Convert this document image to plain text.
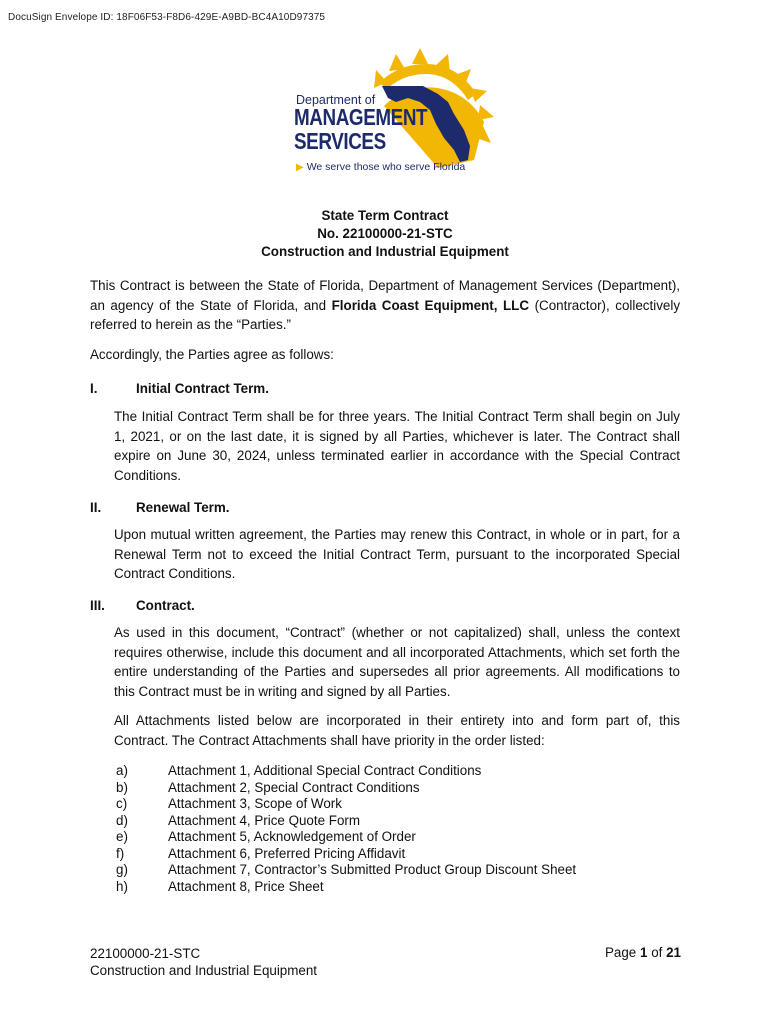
DocuSign Envelope ID: 18F06F53-F8D6-429E-A9BD-BC4A10D97375
Department of
MANAGEMENT
SERVICES
▶ We serve those who serve Florida
State Term Contract
No. 22100000-21-STC
Construction and Industrial Equipment
This Contract is between the State of Florida, Department of Management Services (Department), an agency of the State of Florida, and Florida Coast Equipment, LLC (Contractor), collectively referred to herein as the “Parties.”
Accordingly, the Parties agree as follows:
I.	Initial Contract Term.
The Initial Contract Term shall be for three years. The Initial Contract Term shall begin on July 1, 2021, or on the last date, it is signed by all Parties, whichever is later. The Contract shall expire on June 30, 2024, unless terminated earlier in accordance with the Special Contract Conditions.
II.	Renewal Term.
Upon mutual written agreement, the Parties may renew this Contract, in whole or in part, for a Renewal Term not to exceed the Initial Contract Term, pursuant to the incorporated Special Contract Conditions.
III. Contract.
As used in this document, “Contract” (whether or not capitalized) shall, unless the context requires otherwise, include this document and all incorporated Attachments, which set forth the entire understanding of the Parties and supersedes all prior agreements. All modifications to this Contract must be in writing and signed by all Parties.
All Attachments listed below are incorporated in their entirety into and form part of, this Contract. The Contract Attachments shall have priority in the order listed:
a)	Attachment 1, Additional Special Contract Conditions
b)	Attachment 2, Special Contract Conditions
c)	Attachment 3, Scope of Work
d)	Attachment 4, Price Quote Form
e)	Attachment 5, Acknowledgement of Order
f)	Attachment 6, Preferred Pricing Affidavit
g)	Attachment 7, Contractor’s Submitted Product Group Discount Sheet
h)	Attachment 8, Price Sheet
22100000-21-STC
Construction and Industrial Equipment
Page 1 of 21
